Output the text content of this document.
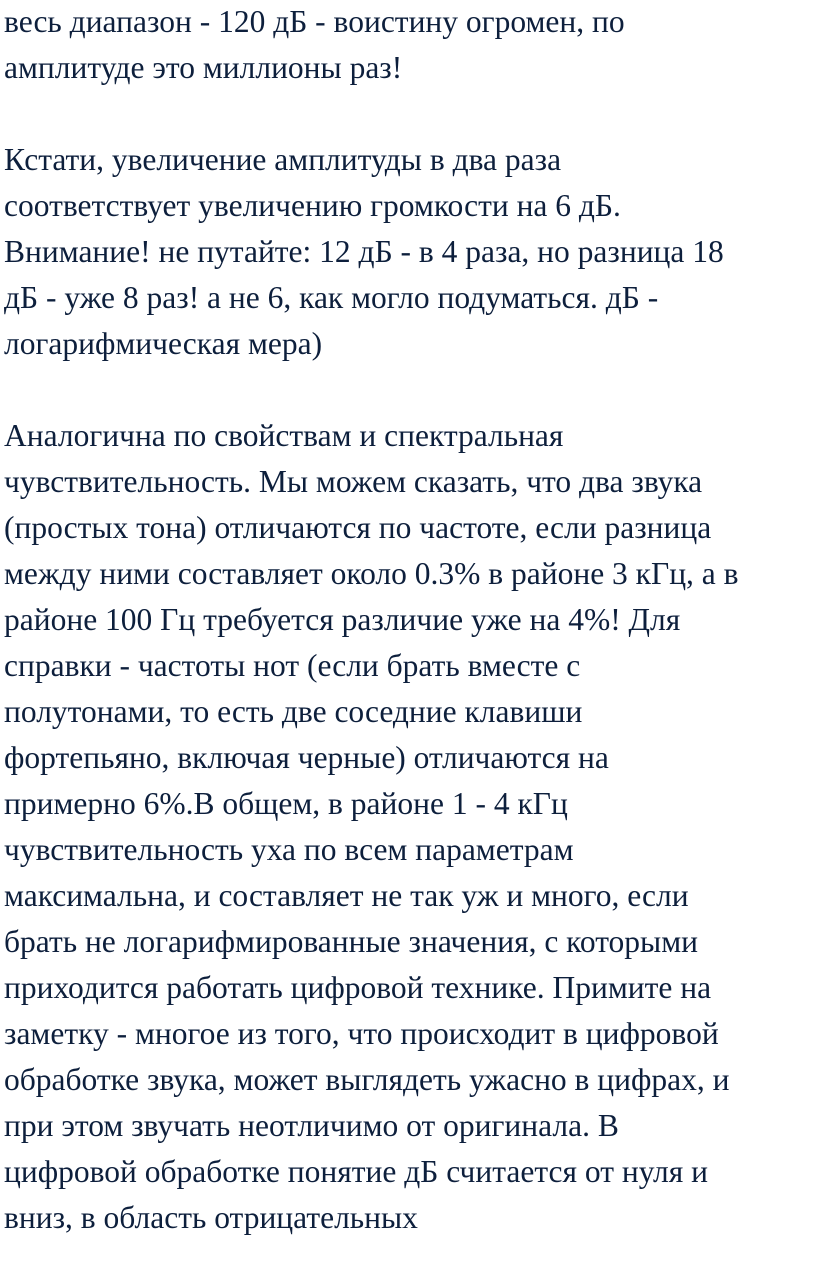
весь диапазон - 120 дБ - воистину огромен, по
амплитуде это миллионы раз!
Кстати, увеличение амплитуды в два раза
соответствует увеличению громкости на 6 дБ.
Внимание! не путайте: 12 дБ - в 4 раза, но разница 18
дБ - уже 8 раз! а не 6, как могло подуматься. дБ -
логарифмическая мера)
Аналогична по свойствам и спектральная
чувствительность. Мы можем сказать, что два звука
(простых тона) отличаются по частоте, если разница
между ними составляет около 0.3% в районе 3 кГц, а в
районе 100 Гц требуется различие уже на 4%! Для
справки - частоты нот (если брать вместе с
полутонами, то есть две соседние клавиши
фортепьяно, включая черные) отличаются на
примерно 6%.В общем, в районе 1 - 4 кГц
чувствительность уха по всем параметрам
максимальна, и составляет не так уж и много, если
брать не логарифмированные значения, с которыми
приходится работать цифровой технике. Примите на
заметку - многое из того, что происходит в цифровой
обработке звука, может выглядеть ужасно в цифрах, и
при этом звучать неотличимо от оригинала. В
цифровой обработке понятие дБ считается от нуля и
вниз, в область отрицательных
